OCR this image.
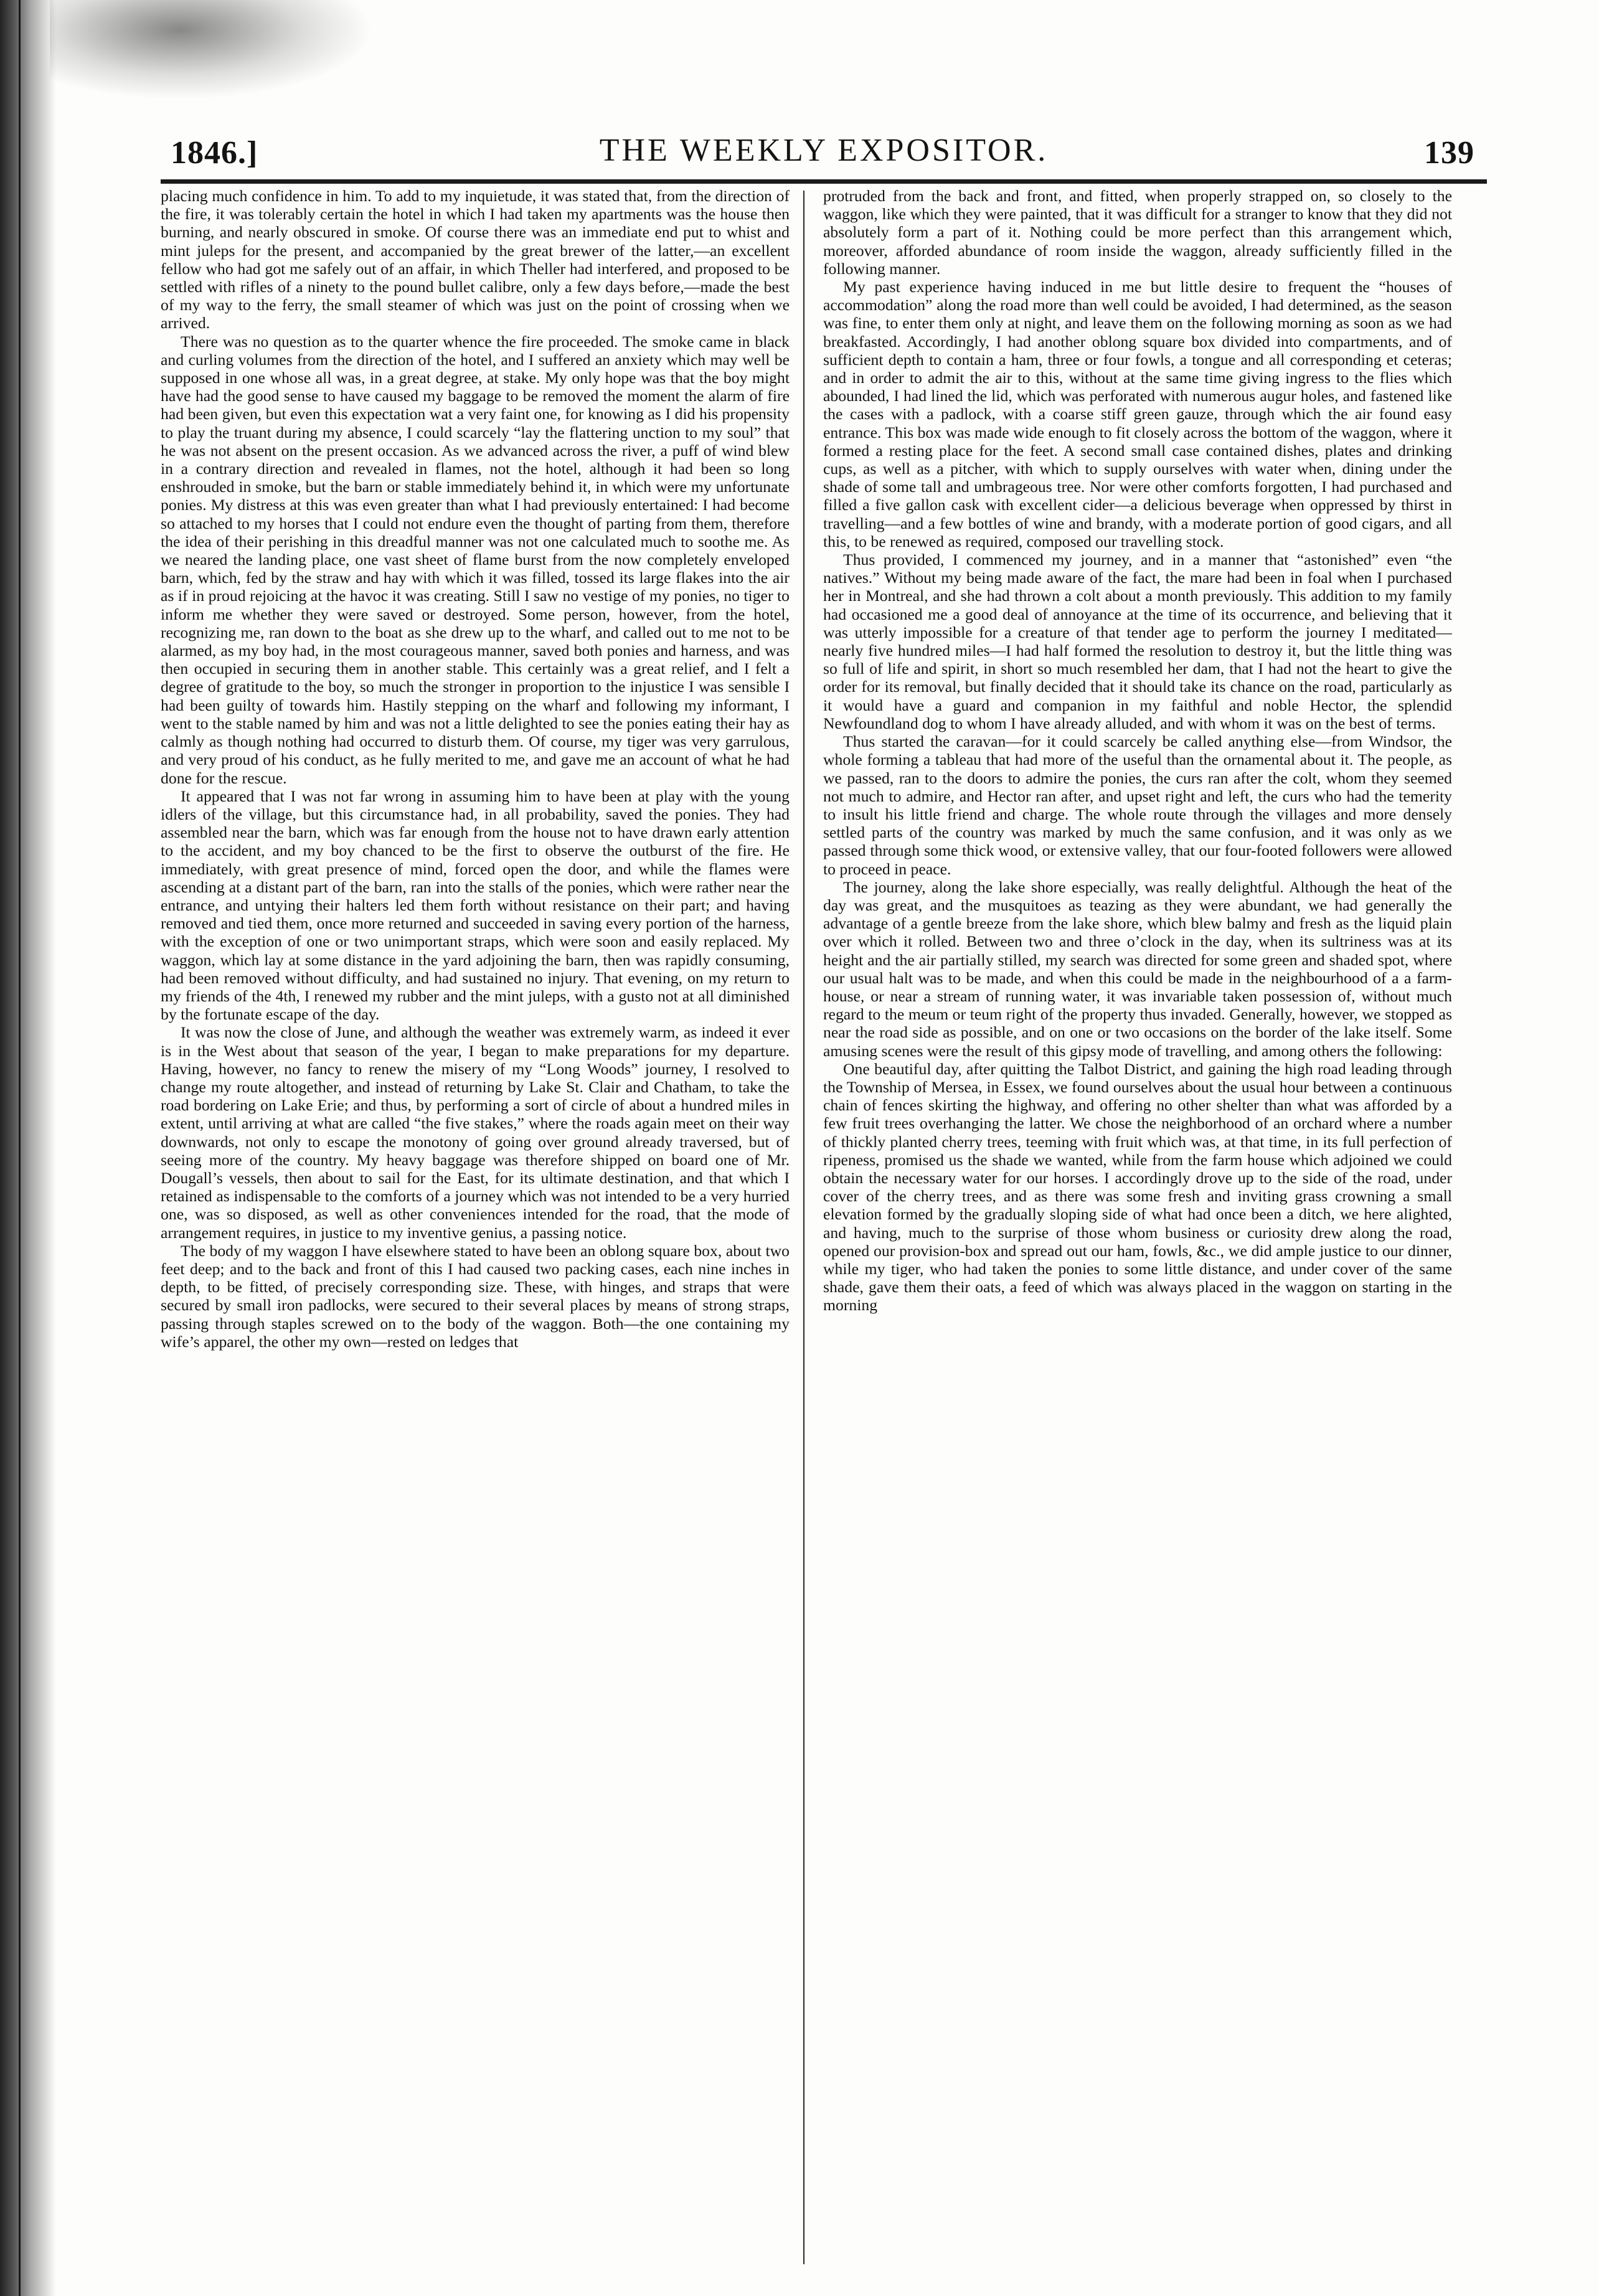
1846.]	THE WEEKLY EXPOSITOR.	139

placing much confidence in him. To add to my inquietude, it was stated that, from the direction of the fire, it was tolerably certain the hotel in which I had taken my apartments was the house then burning, and nearly obscured in smoke. Of course there was an immediate end put to whist and mint juleps for the present, and accompanied by the great brewer of the latter,—an excellent fellow who had got me safely out of an affair, in which Theller had interfered, and proposed to be settled with rifles of a ninety to the pound bullet calibre, only a few days before,—made the best of my way to the ferry, the small steamer of which was just on the point of crossing when we arrived.

There was no question as to the quarter whence the fire proceeded. The smoke came in black and curling volumes from the direction of the hotel, and I suffered an anxiety which may well be supposed in one whose all was, in a great degree, at stake. My only hope was that the boy might have had the good sense to have caused my baggage to be removed the moment the alarm of fire had been given, but even this expectation wat a very faint one, for knowing as I did his propensity to play the truant during my absence, I could scarcely “lay the flattering unction to my soul” that he was not absent on the present occasion. As we advanced across the river, a puff of wind blew in a contrary direction and revealed in flames, not the hotel, although it had been so long enshrouded in smoke, but the barn or stable immediately behind it, in which were my unfortunate ponies. My distress at this was even greater than what I had previously entertained: I had become so attached to my horses that I could not endure even the thought of parting from them, therefore the idea of their perishing in this dreadful manner was not one calculated much to soothe me. As we neared the landing place, one vast sheet of flame burst from the now completely enveloped barn, which, fed by the straw and hay with which it was filled, tossed its large flakes into the air as if in proud rejoicing at the havoc it was creating. Still I saw no vestige of my ponies, no tiger to inform me whether they were saved or destroyed. Some person, however, from the hotel, recognizing me, ran down to the boat as she drew up to the wharf, and called out to me not to be alarmed, as my boy had, in the most courageous manner, saved both ponies and harness, and was then occupied in securing them in another stable. This certainly was a great relief, and I felt a degree of gratitude to the boy, so much the stronger in proportion to the injustice I was sensible I had been guilty of towards him. Hastily stepping on the wharf and following my informant, I went to the stable named by him and was not a little delighted to see the ponies eating their hay as calmly as though nothing had occurred to disturb them. Of course, my tiger was very garrulous, and very proud of his conduct, as he fully merited to me, and gave me an account of what he had done for the rescue.

It appeared that I was not far wrong in assuming him to have been at play with the young idlers of the village, but this circumstance had, in all probability, saved the ponies. They had assembled near the barn, which was far enough from the house not to have drawn early attention to the accident, and my boy chanced to be the first to observe the outburst of the fire. He immediately, with great presence of mind, forced open the door, and while the flames were ascending at a distant part of the barn, ran into the stalls of the ponies, which were rather near the entrance, and untying their halters led them forth without resistance on their part; and having removed and tied them, once more returned and succeeded in saving every portion of the harness, with the exception of one or two unimportant straps, which were soon and easily replaced. My waggon, which lay at some distance in the yard adjoining the barn, then was rapidly consuming, had been removed without difficulty, and had sustained no injury. That evening, on my return to my friends of the 4th, I renewed my rubber and the mint juleps, with a gusto not at all diminished by the fortunate escape of the day.

It was now the close of June, and although the weather was extremely warm, as indeed it ever is in the West about that season of the year, I began to make preparations for my departure. Having, however, no fancy to renew the misery of my “Long Woods” journey, I resolved to change my route altogether, and instead of returning by Lake St. Clair and Chatham, to take the road bordering on Lake Erie; and thus, by performing a sort of circle of about a hundred miles in extent, until arriving at what are called “the five stakes,” where the roads again meet on their way downwards, not only to escape the monotony of going over ground already traversed, but of seeing more of the country. My heavy baggage was therefore shipped on board one of Mr. Dougall’s vessels, then about to sail for the East, for its ultimate destination, and that which I retained as indispensable to the comforts of a journey which was not intended to be a very hurried one, was so disposed, as well as other conveniences intended for the road, that the mode of arrangement requires, in justice to my inventive genius, a passing notice.

The body of my waggon I have elsewhere stated to have been an oblong square box, about two feet deep; and to the back and front of this I had caused two packing cases, each nine inches in depth, to be fitted, of precisely corresponding size. These, with hinges, and straps that were secured by small iron padlocks, were secured to their several places by means of strong straps, passing through staples screwed on to the body of the waggon. Both—the one containing my wife’s apparel, the other my own—rested on ledges that

protruded from the back and front, and fitted, when properly strapped on, so closely to the waggon, like which they were painted, that it was difficult for a stranger to know that they did not absolutely form a part of it. Nothing could be more perfect than this arrangement which, moreover, afforded abundance of room inside the waggon, already sufficiently filled in the following manner.

My past experience having induced in me but little desire to frequent the “houses of accommodation” along the road more than well could be avoided, I had determined, as the season was fine, to enter them only at night, and leave them on the following morning as soon as we had breakfasted. Accordingly, I had another oblong square box divided into compartments, and of sufficient depth to contain a ham, three or four fowls, a tongue and all corresponding et ceteras; and in order to admit the air to this, without at the same time giving ingress to the flies which abounded, I had lined the lid, which was perforated with numerous augur holes, and fastened like the cases with a padlock, with a coarse stiff green gauze, through which the air found easy entrance. This box was made wide enough to fit closely across the bottom of the waggon, where it formed a resting place for the feet. A second small case contained dishes, plates and drinking cups, as well as a pitcher, with which to supply ourselves with water when, dining under the shade of some tall and umbrageous tree. Nor were other comforts forgotten, I had purchased and filled a five gallon cask with excellent cider—a delicious beverage when oppressed by thirst in travelling—and a few bottles of wine and brandy, with a moderate portion of good cigars, and all this, to be renewed as required, composed our travelling stock.

Thus provided, I commenced my journey, and in a manner that “astonished” even “the natives.” Without my being made aware of the fact, the mare had been in foal when I purchased her in Montreal, and she had thrown a colt about a month previously. This addition to my family had occasioned me a good deal of annoyance at the time of its occurrence, and believing that it was utterly impossible for a creature of that tender age to perform the journey I meditated—nearly five hundred miles—I had half formed the resolution to destroy it, but the little thing was so full of life and spirit, in short so much resembled her dam, that I had not the heart to give the order for its removal, but finally decided that it should take its chance on the road, particularly as it would have a guard and companion in my faithful and noble Hector, the splendid Newfoundland dog to whom I have already alluded, and with whom it was on the best of terms.

Thus started the caravan—for it could scarcely be called anything else—from Windsor, the whole forming a tableau that had more of the useful than the ornamental about it. The people, as we passed, ran to the doors to admire the ponies, the curs ran after the colt, whom they seemed not much to admire, and Hector ran after, and upset right and left, the curs who had the temerity to insult his little friend and charge. The whole route through the villages and more densely settled parts of the country was marked by much the same confusion, and it was only as we passed through some thick wood, or extensive valley, that our four-footed followers were allowed to proceed in peace.

The journey, along the lake shore especially, was really delightful. Although the heat of the day was great, and the musquitoes as teazing as they were abundant, we had generally the advantage of a gentle breeze from the lake shore, which blew balmy and fresh as the liquid plain over which it rolled. Between two and three o’clock in the day, when its sultriness was at its height and the air partially stilled, my search was directed for some green and shaded spot, where our usual halt was to be made, and when this could be made in the neighbourhood of a a farm-house, or near a stream of running water, it was invariable taken possession of, without much regard to the meum or teum right of the property thus invaded. Generally, however, we stopped as near the road side as possible, and on one or two occasions on the border of the lake itself. Some amusing scenes were the result of this gipsy mode of travelling, and among others the following:

One beautiful day, after quitting the Talbot District, and gaining the high road leading through the Township of Mersea, in Essex, we found ourselves about the usual hour between a continuous chain of fences skirting the highway, and offering no other shelter than what was afforded by a few fruit trees overhanging the latter. We chose the neighborhood of an orchard where a number of thickly planted cherry trees, teeming with fruit which was, at that time, in its full perfection of ripeness, promised us the shade we wanted, while from the farm house which adjoined we could obtain the necessary water for our horses. I accordingly drove up to the side of the road, under cover of the cherry trees, and as there was some fresh and inviting grass crowning a small elevation formed by the gradually sloping side of what had once been a ditch, we here alighted, and having, much to the surprise of those whom business or curiosity drew along the road, opened our provision-box and spread out our ham, fowls, &c., we did ample justice to our dinner, while my tiger, who had taken the ponies to some little distance, and under cover of the same shade, gave them their oats, a feed of which was always placed in the waggon on starting in the morning
